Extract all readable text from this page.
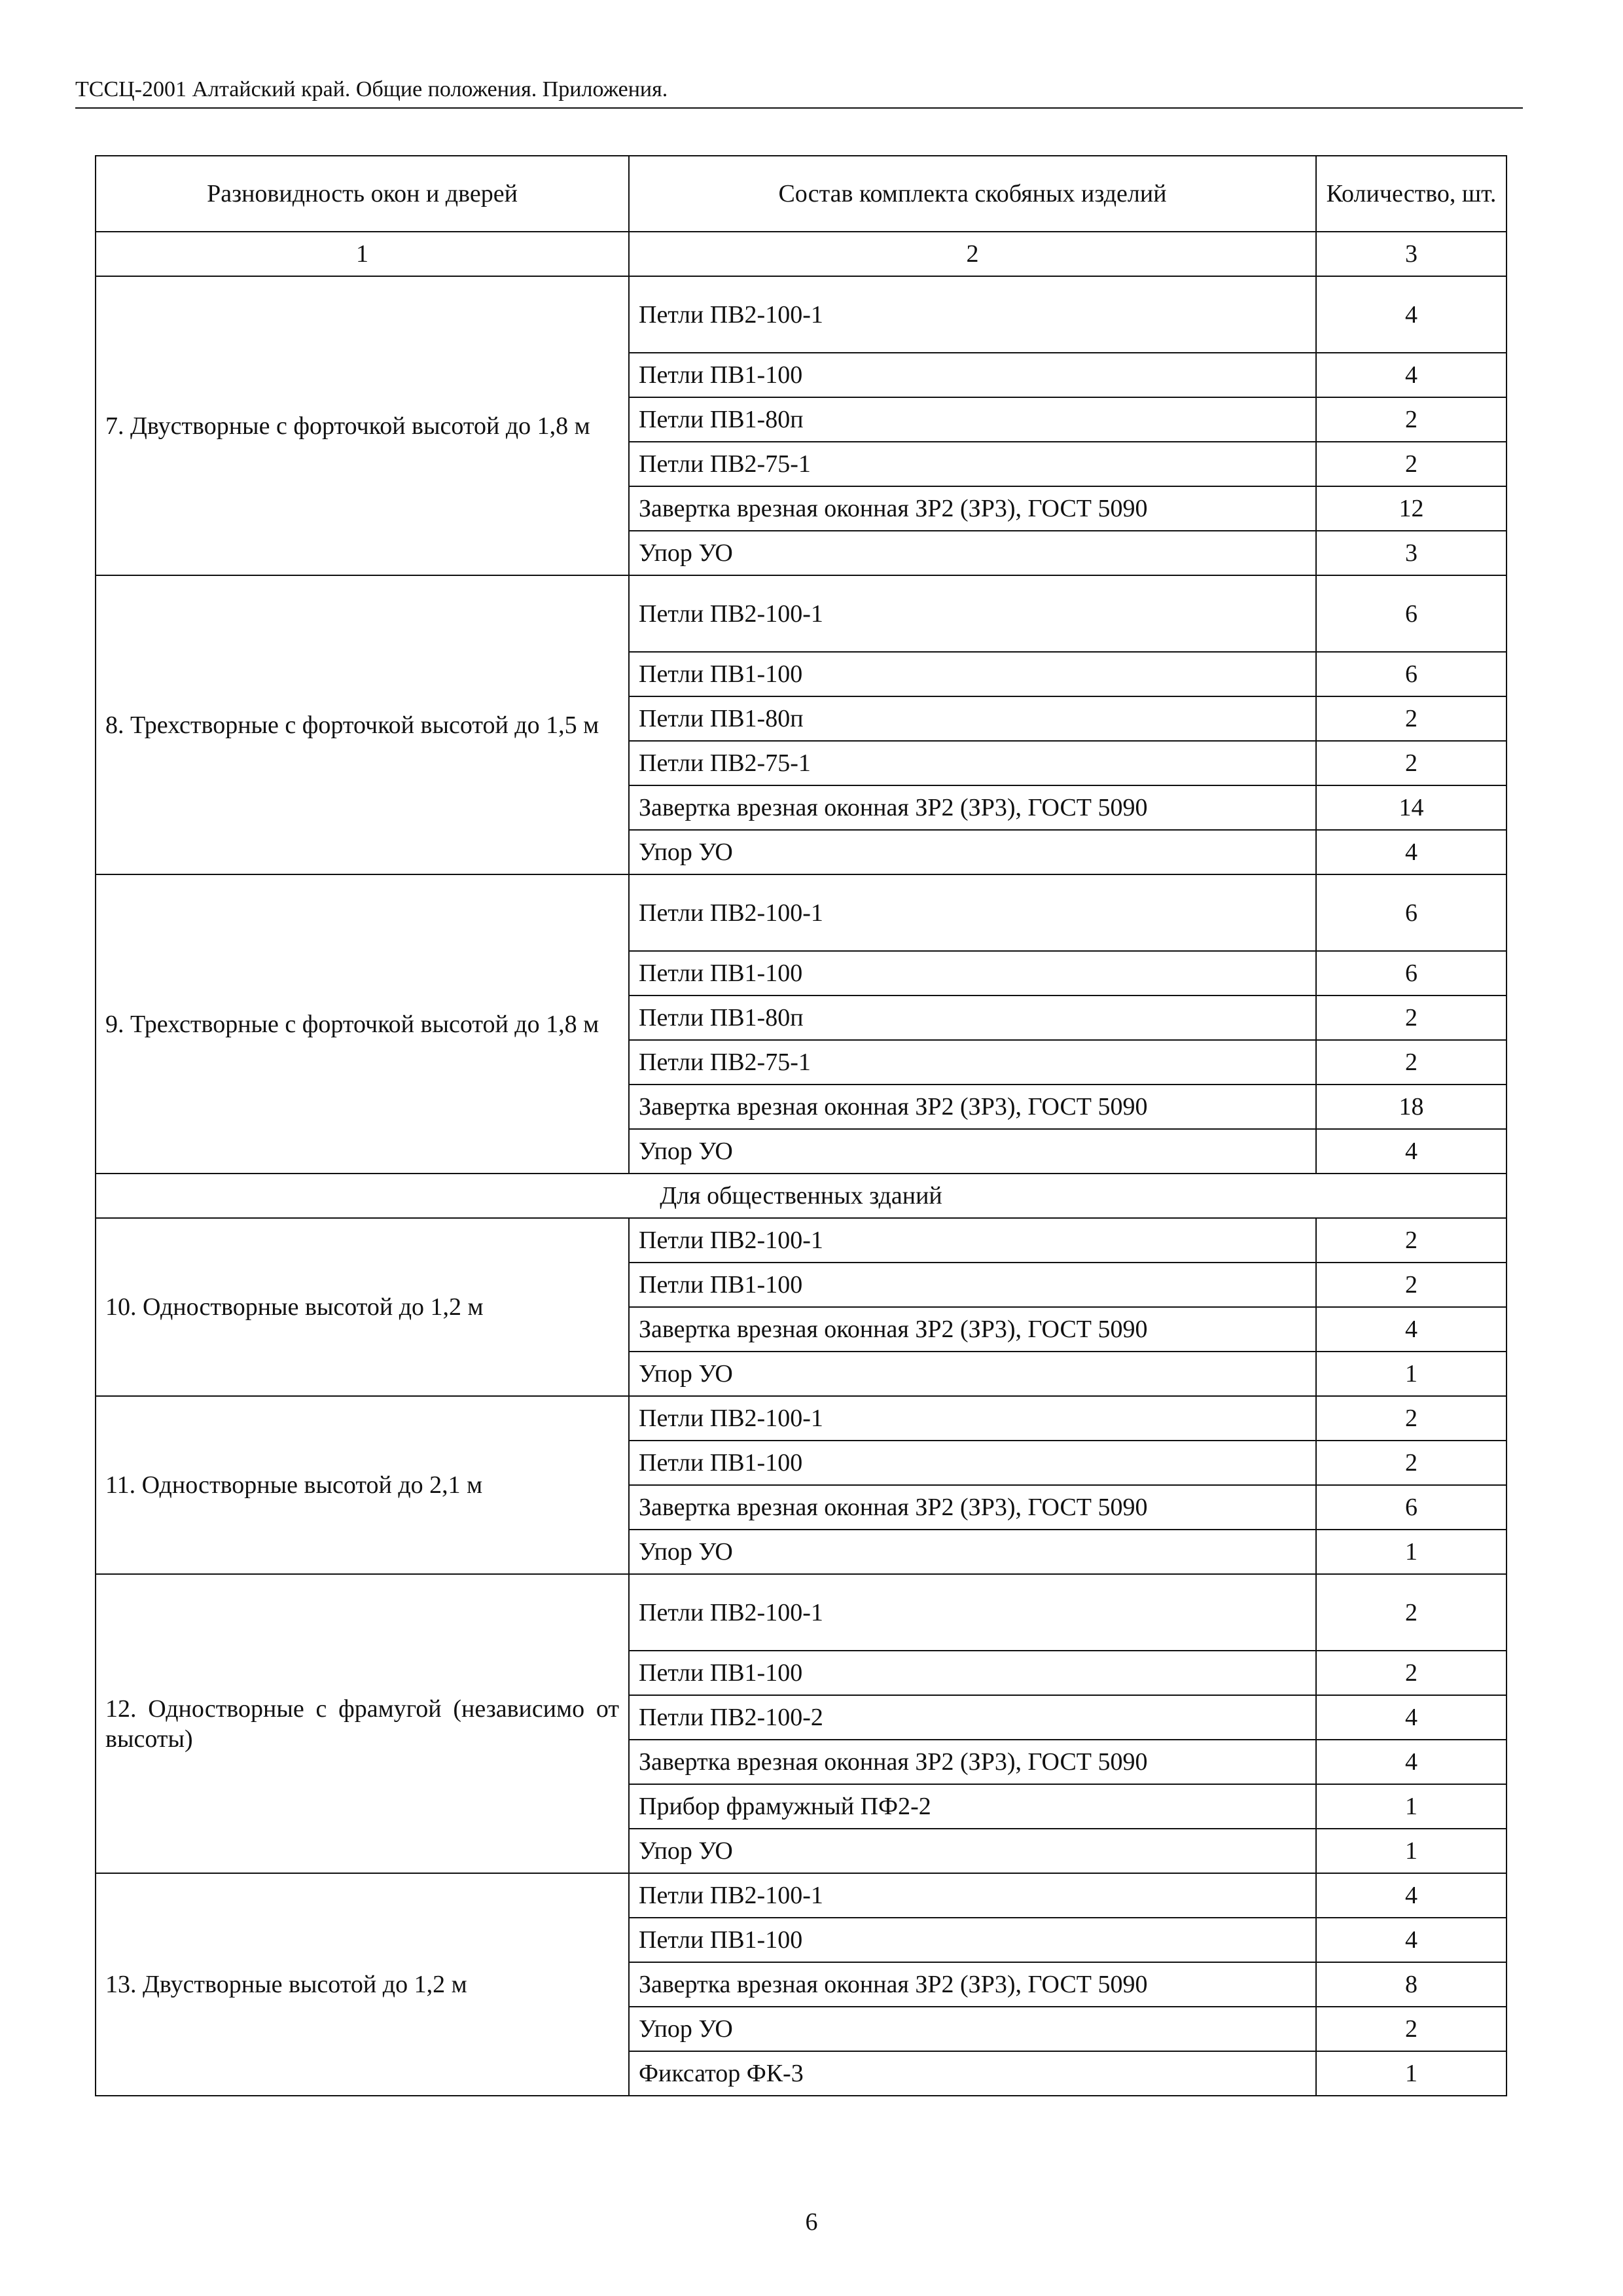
ТССЦ-2001 Алтайский край. Общие положения. Приложения.
Разновидность окон и дверей	Состав комплекта скобяных изделий	Количество, шт.
1	2	3
7. Двустворные с форточкой высотой до 1,8 м	Петли ПВ2-100-1	4
	Петли ПВ1-100	4
	Петли ПВ1-80п	2
	Петли ПВ2-75-1	2
	Завертка врезная оконная ЗР2 (ЗР3), ГОСТ 5090	12
	Упор УО	3
8. Трехстворные с форточкой высотой до 1,5 м	Петли ПВ2-100-1	6
	Петли ПВ1-100	6
	Петли ПВ1-80п	2
	Петли ПВ2-75-1	2
	Завертка врезная оконная ЗР2 (ЗР3), ГОСТ 5090	14
	Упор УО	4
9. Трехстворные с форточкой высотой до 1,8 м	Петли ПВ2-100-1	6
	Петли ПВ1-100	6
	Петли ПВ1-80п	2
	Петли ПВ2-75-1	2
	Завертка врезная оконная ЗР2 (ЗР3), ГОСТ 5090	18
	Упор УО	4
Для общественных зданий		
10. Одностворные высотой до 1,2 м	Петли ПВ2-100-1	2
	Петли ПВ1-100	2
	Завертка врезная оконная ЗР2 (ЗР3), ГОСТ 5090	4
	Упор УО	1
11. Одностворные высотой до 2,1 м	Петли ПВ2-100-1	2
	Петли ПВ1-100	2
	Завертка врезная оконная ЗР2 (ЗР3), ГОСТ 5090	6
	Упор УО	1
12. Одностворные с фрамугой (независимо от высоты)	Петли ПВ2-100-1	2
	Петли ПВ1-100	2
	Петли ПВ2-100-2	4
	Завертка врезная оконная ЗР2 (ЗР3), ГОСТ 5090	4
	Прибор фрамужный ПФ2-2	1
	Упор УО	1
13. Двустворные высотой до 1,2 м	Петли ПВ2-100-1	4
	Петли ПВ1-100	4
	Завертка врезная оконная ЗР2 (ЗР3), ГОСТ 5090	8
	Упор УО	2
	Фиксатор ФК-3	1
6
